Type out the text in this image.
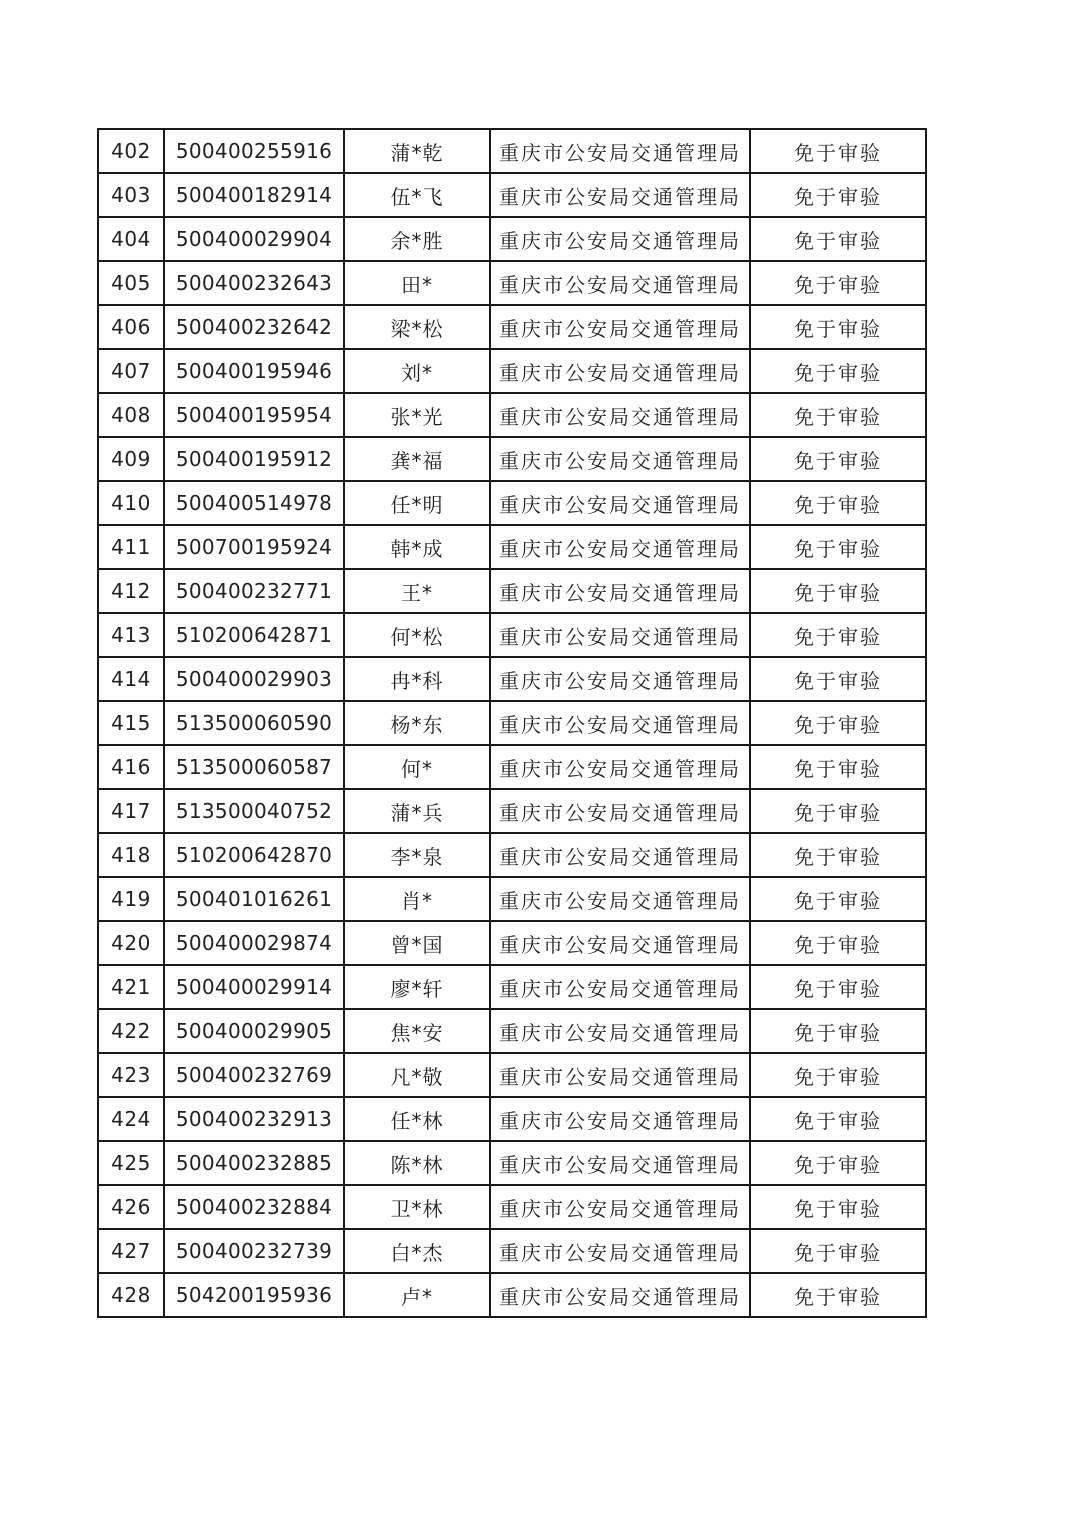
402	500400255916	蒲*乾	重庆市公安局交通管理局	免于审验
403	500400182914	伍*飞	重庆市公安局交通管理局	免于审验
404	500400029904	余*胜	重庆市公安局交通管理局	免于审验
405	500400232643	田*	重庆市公安局交通管理局	免于审验
406	500400232642	梁*松	重庆市公安局交通管理局	免于审验
407	500400195946	刘*	重庆市公安局交通管理局	免于审验
408	500400195954	张*光	重庆市公安局交通管理局	免于审验
409	500400195912	龚*福	重庆市公安局交通管理局	免于审验
410	500400514978	任*明	重庆市公安局交通管理局	免于审验
411	500700195924	韩*成	重庆市公安局交通管理局	免于审验
412	500400232771	王*	重庆市公安局交通管理局	免于审验
413	510200642871	何*松	重庆市公安局交通管理局	免于审验
414	500400029903	冉*科	重庆市公安局交通管理局	免于审验
415	513500060590	杨*东	重庆市公安局交通管理局	免于审验
416	513500060587	何*	重庆市公安局交通管理局	免于审验
417	513500040752	蒲*兵	重庆市公安局交通管理局	免于审验
418	510200642870	李*泉	重庆市公安局交通管理局	免于审验
419	500401016261	肖*	重庆市公安局交通管理局	免于审验
420	500400029874	曾*国	重庆市公安局交通管理局	免于审验
421	500400029914	廖*轩	重庆市公安局交通管理局	免于审验
422	500400029905	焦*安	重庆市公安局交通管理局	免于审验
423	500400232769	凡*敬	重庆市公安局交通管理局	免于审验
424	500400232913	任*林	重庆市公安局交通管理局	免于审验
425	500400232885	陈*林	重庆市公安局交通管理局	免于审验
426	500400232884	卫*林	重庆市公安局交通管理局	免于审验
427	500400232739	白*杰	重庆市公安局交通管理局	免于审验
428	504200195936	卢*	重庆市公安局交通管理局	免于审验
